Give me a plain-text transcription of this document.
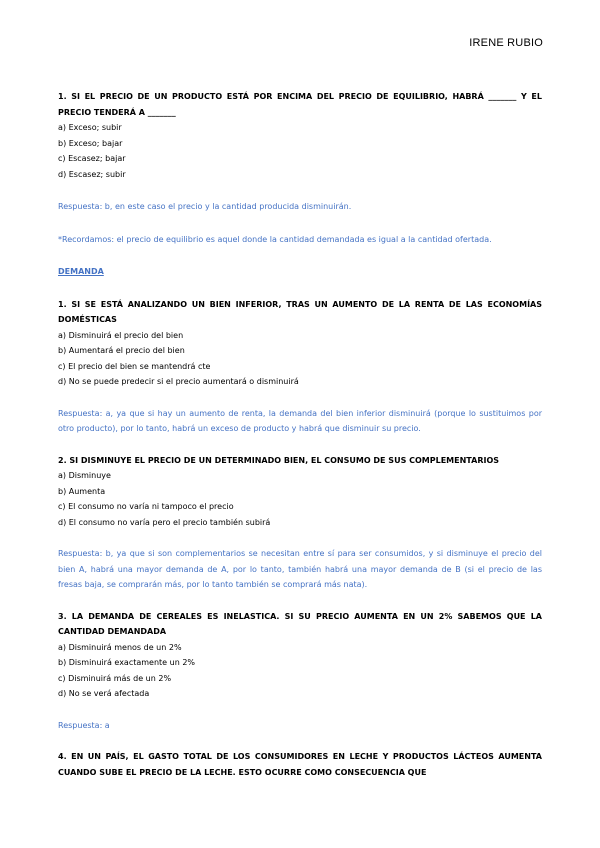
IRENE RUBIO
1. SI EL PRECIO DE UN PRODUCTO ESTÁ POR ENCIMA DEL PRECIO DE EQUILIBRIO, HABRÁ _______ Y EL PRECIO TENDERÁ A _______
a) Exceso; subir
b) Exceso; bajar
c) Escasez; bajar
d) Escasez; subir
Respuesta: b, en este caso el precio y la cantidad producida disminuirán.
*Recordamos: el precio de equilibrio es aquel donde la cantidad demandada es igual a la cantidad ofertada.
DEMANDA
1. SI SE ESTÁ ANALIZANDO UN BIEN INFERIOR, TRAS UN AUMENTO DE LA RENTA DE LAS ECONOMÍAS DOMÉSTICAS
a) Disminuirá el precio del bien
b) Aumentará el precio del bien
c) El precio del bien se mantendrá cte
d) No se puede predecir si el precio aumentará o disminuirá
Respuesta: a, ya que si hay un aumento de renta, la demanda del bien inferior disminuirá (porque lo sustituimos por otro producto), por lo tanto, habrá un exceso de producto y habrá que disminuir su precio.
2. SI DISMINUYE EL PRECIO DE UN DETERMINADO BIEN, EL CONSUMO DE SUS COMPLEMENTARIOS
a) Disminuye
b) Aumenta
c) El consumo no varía ni tampoco el precio
d) El consumo no varía pero el precio también subirá
Respuesta: b, ya que si son complementarios se necesitan entre sí para ser consumidos, y si disminuye el precio del bien A, habrá una mayor demanda de A, por lo tanto, también habrá una mayor demanda de B (si el precio de las fresas baja, se comprarán más, por lo tanto también se comprará más nata).
3. LA DEMANDA DE CEREALES ES INELASTICA. SI SU PRECIO AUMENTA EN UN 2% SABEMOS QUE LA CANTIDAD DEMANDADA
a) Disminuirá menos de un 2%
b) Disminuirá exactamente un 2%
c) Disminuirá más de un 2%
d) No se verá afectada
Respuesta: a
4. EN UN PAÍS, EL GASTO TOTAL DE LOS CONSUMIDORES EN LECHE Y PRODUCTOS LÁCTEOS AUMENTA CUANDO SUBE EL PRECIO DE LA LECHE. ESTO OCURRE COMO CONSECUENCIA QUE
